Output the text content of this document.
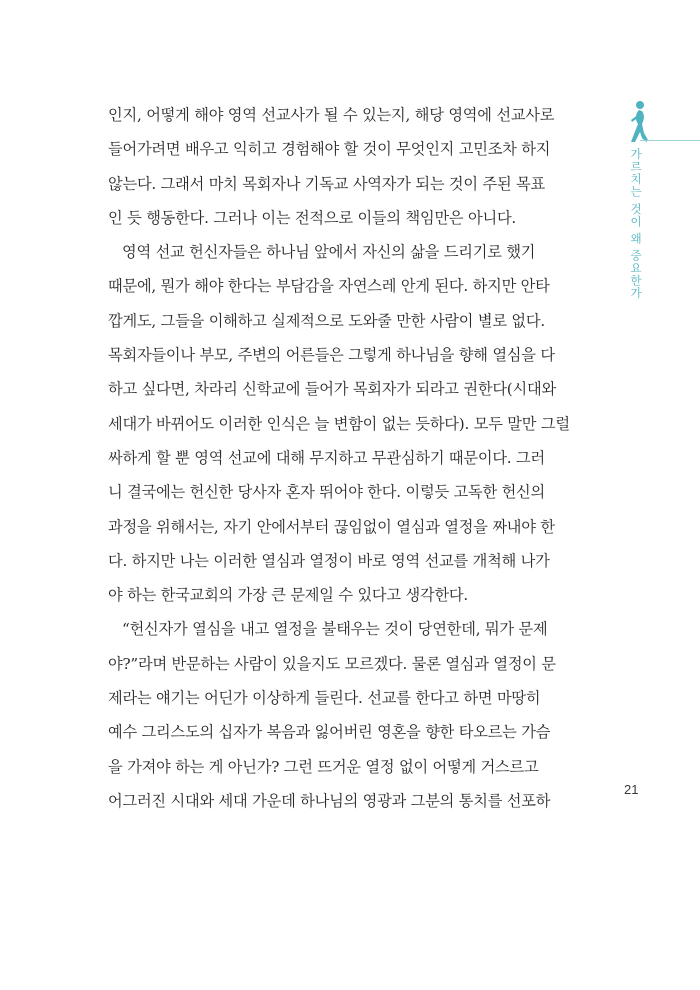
인지, 어떻게 해야 영역 선교사가 될 수 있는지, 해당 영역에 선교사로
들어가려면 배우고 익히고 경험해야 할 것이 무엇인지 고민조차 하지
않는다. 그래서 마치 목회자나 기독교 사역자가 되는 것이 주된 목표
인 듯 행동한다. 그러나 이는 전적으로 이들의 책임만은 아니다.
영역 선교 헌신자들은 하나님 앞에서 자신의 삶을 드리기로 했기
때문에, 뭔가 해야 한다는 부담감을 자연스레 안게 된다. 하지만 안타
깝게도, 그들을 이해하고 실제적으로 도와줄 만한 사람이 별로 없다.
목회자들이나 부모, 주변의 어른들은 그렇게 하나님을 향해 열심을 다
하고 싶다면, 차라리 신학교에 들어가 목회자가 되라고 권한다(시대와
세대가 바뀌어도 이러한 인식은 늘 변함이 없는 듯하다). 모두 말만 그럴
싸하게 할 뿐 영역 선교에 대해 무지하고 무관심하기 때문이다. 그러
니 결국에는 헌신한 당사자 혼자 뛰어야 한다. 이렇듯 고독한 헌신의
과정을 위해서는, 자기 안에서부터 끊임없이 열심과 열정을 짜내야 한
다. 하지만 나는 이러한 열심과 열정이 바로 영역 선교를 개척해 나가
야 하는 한국교회의 가장 큰 문제일 수 있다고 생각한다.
“헌신자가 열심을 내고 열정을 불태우는 것이 당연한데, 뭐가 문제
야?”라며 반문하는 사람이 있을지도 모르겠다. 물론 열심과 열정이 문
제라는 얘기는 어딘가 이상하게 들린다. 선교를 한다고 하면 마땅히
예수 그리스도의 십자가 복음과 잃어버린 영혼을 향한 타오르는 가슴
을 가져야 하는 게 아닌가? 그런 뜨거운 열정 없이 어떻게 거스르고
어그러진 시대와 세대 가운데 하나님의 영광과 그분의 통치를 선포하
가르치는 것이 왜 중요한가
21
